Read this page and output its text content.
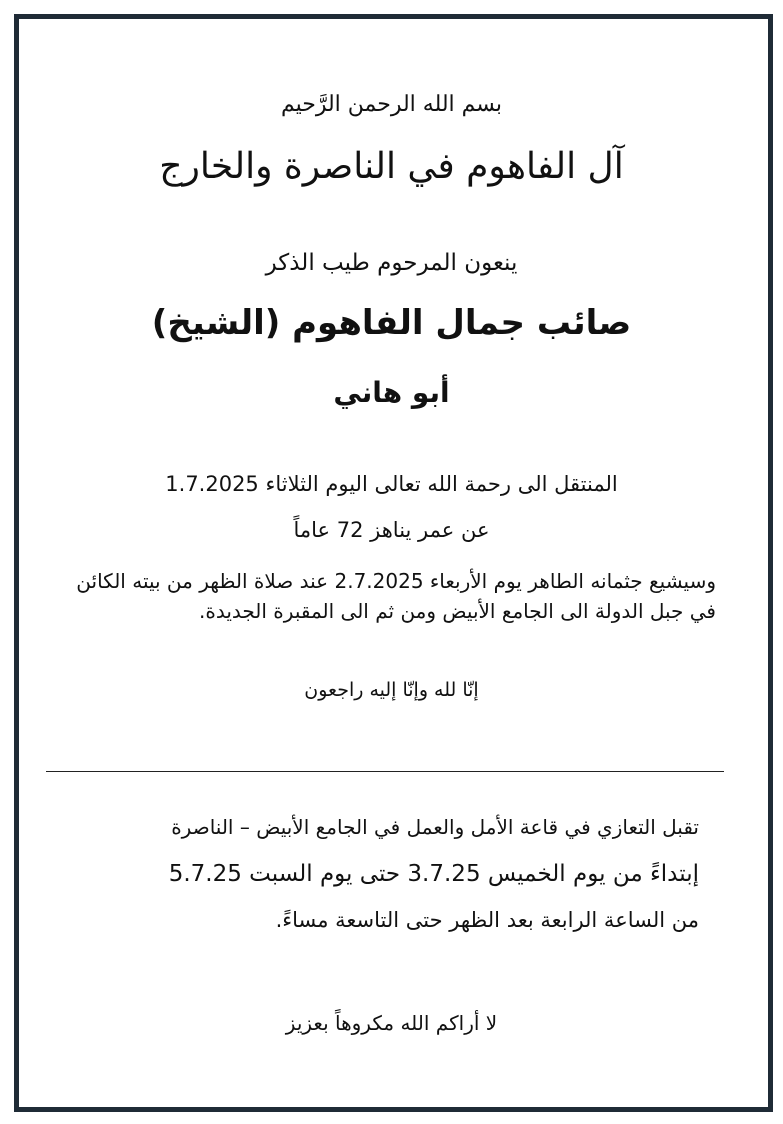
بسم الله الرحمن الرَّحيم
آل الفاهوم في الناصرة والخارج
ينعون المرحوم طيب الذكر
صائب جمال الفاهوم (الشيخ)
أبو هاني
المنتقل الى رحمة الله تعالى اليوم الثلاثاء 1.7.2025
عن عمر يناهز 72 عاماً
وسيشيع جثمانه الطاهر يوم الأربعاء 2.7.2025 عند صلاة الظهر من بيته الكائن في جبل الدولة الى الجامع الأبيض ومن ثم الى المقبرة الجديدة.
إنّا لله وإنّا إليه راجعون
تقبل التعازي في قاعة الأمل والعمل في الجامع الأبيض – الناصرة
إبتداءً من يوم الخميس 3.7.25 حتى يوم السبت 5.7.25
من الساعة الرابعة بعد الظهر حتى التاسعة مساءً.
لا أراكم الله مكروهاً بعزيز
